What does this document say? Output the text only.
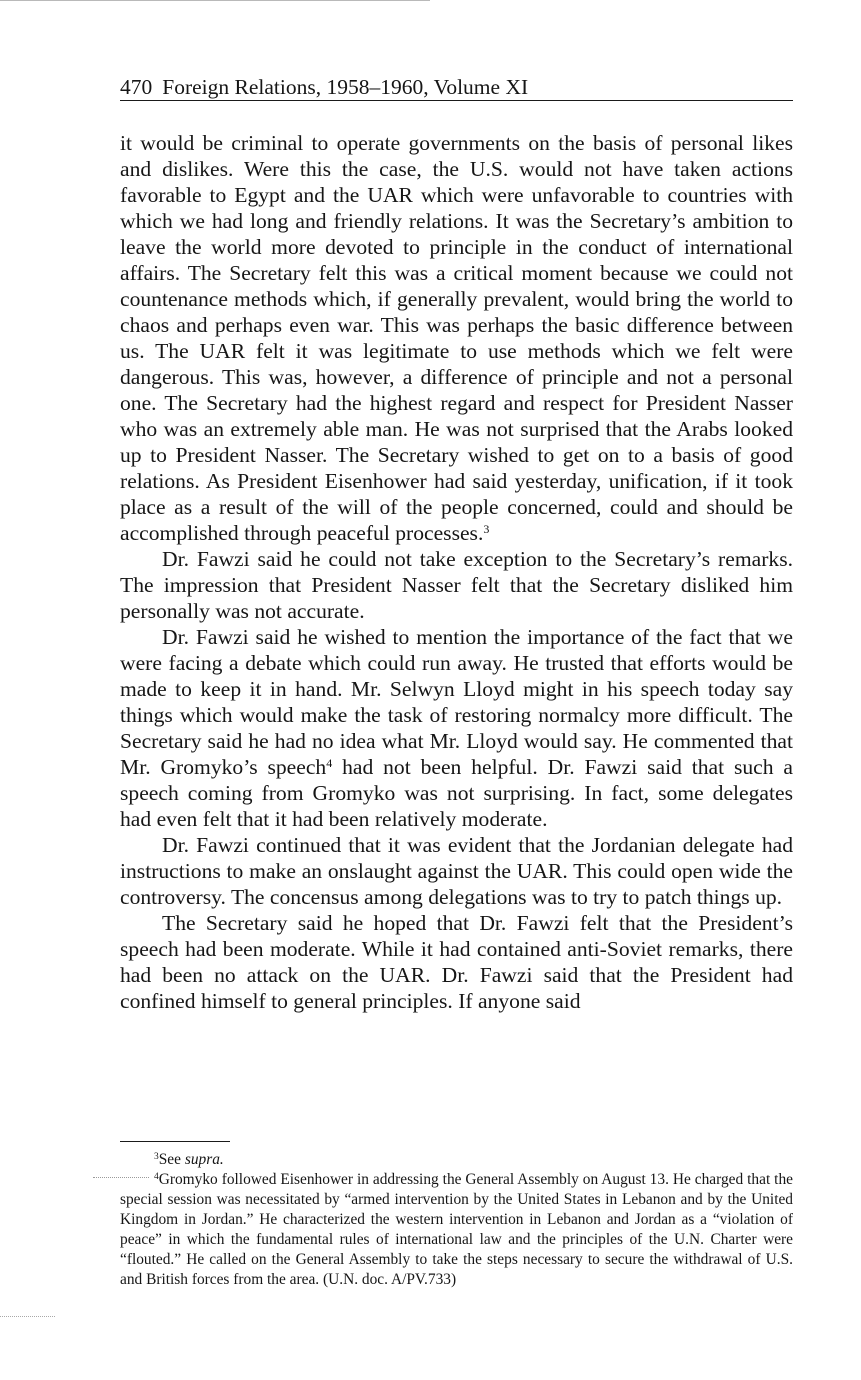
470 Foreign Relations, 1958–1960, Volume XI

it would be criminal to operate governments on the basis of personal likes and dislikes. Were this the case, the U.S. would not have taken actions favorable to Egypt and the UAR which were unfavorable to countries with which we had long and friendly relations. It was the Secretary’s ambition to leave the world more devoted to principle in the conduct of international affairs. The Secretary felt this was a critical moment because we could not countenance methods which, if generally prevalent, would bring the world to chaos and perhaps even war. This was perhaps the basic difference between us. The UAR felt it was legitimate to use methods which we felt were dangerous. This was, however, a difference of principle and not a personal one. The Secretary had the highest regard and respect for President Nasser who was an extremely able man. He was not surprised that the Arabs looked up to President Nasser. The Secretary wished to get on to a basis of good relations. As President Eisenhower had said yesterday, unification, if it took place as a result of the will of the people concerned, could and should be accomplished through peaceful processes.$^3$

Dr. Fawzi said he could not take exception to the Secretary’s remarks. The impression that President Nasser felt that the Secretary disliked him personally was not accurate.

Dr. Fawzi said he wished to mention the importance of the fact that we were facing a debate which could run away. He trusted that efforts would be made to keep it in hand. Mr. Selwyn Lloyd might in his speech today say things which would make the task of restoring normalcy more difficult. The Secretary said he had no idea what Mr. Lloyd would say. He commented that Mr. Gromyko’s speech$^4$ had not been helpful. Dr. Fawzi said that such a speech coming from Gromyko was not surprising. In fact, some delegates had even felt that it had been relatively moderate.

Dr. Fawzi continued that it was evident that the Jordanian delegate had instructions to make an onslaught against the UAR. This could open wide the controversy. The concensus among delegations was to try to patch things up.

The Secretary said he hoped that Dr. Fawzi felt that the President’s speech had been moderate. While it had contained anti-Soviet remarks, there had been no attack on the UAR. Dr. Fawzi said that the President had confined himself to general principles. If anyone said

$^3$See supra.

$^4$Gromyko followed Eisenhower in addressing the General Assembly on August 13. He charged that the special session was necessitated by “armed intervention by the United States in Lebanon and by the United Kingdom in Jordan.” He characterized the western intervention in Lebanon and Jordan as a “violation of peace” in which the fundamental rules of international law and the principles of the U.N. Charter were “flouted.” He called on the General Assembly to take the steps necessary to secure the withdrawal of U.S. and British forces from the area. (U.N. doc. A/PV.733)
